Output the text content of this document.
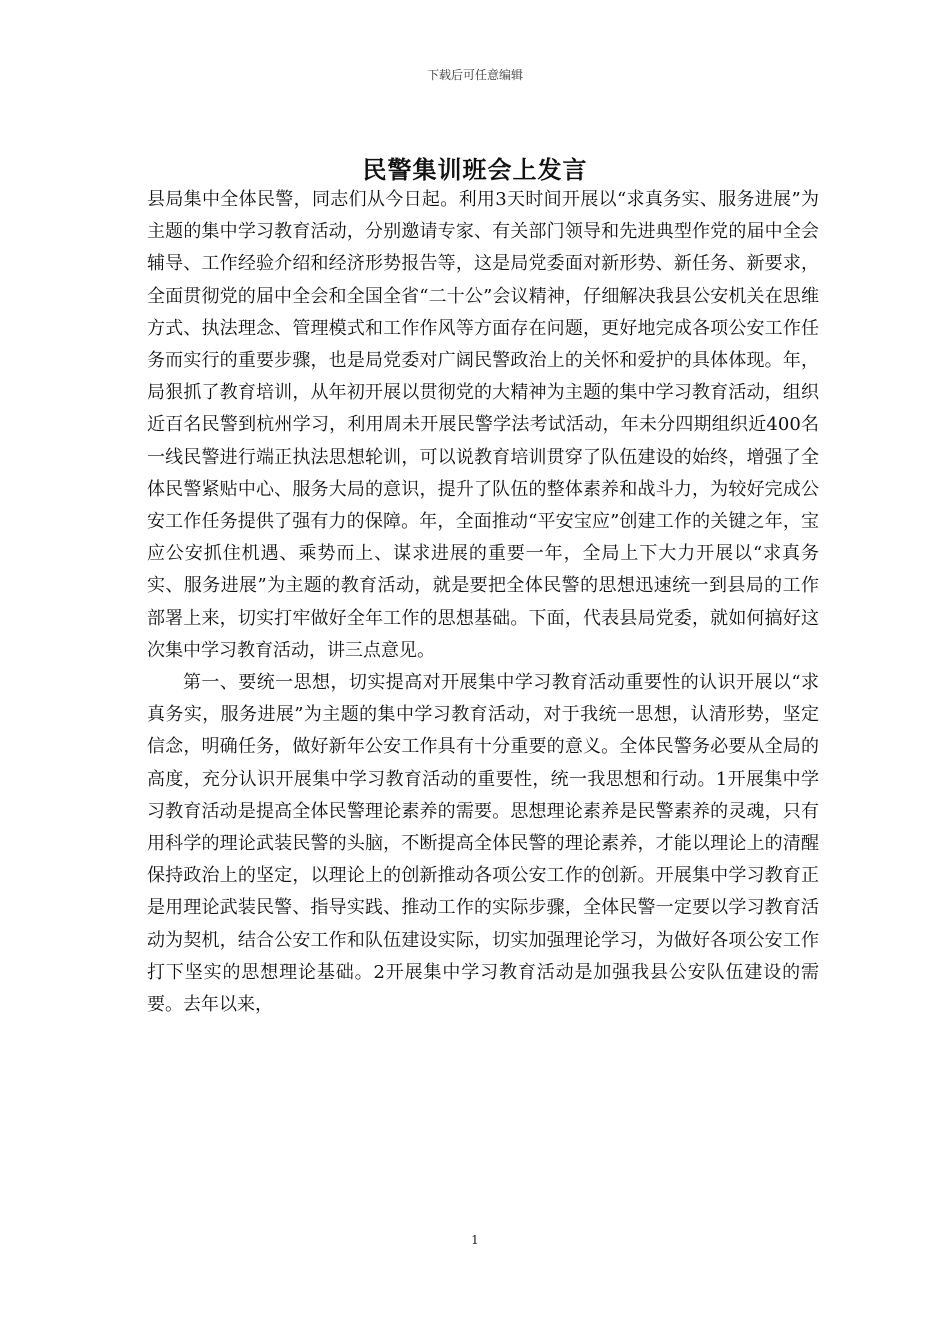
下载后可任意编辑
民警集训班会上发言

县局集中全体民警，同志们从今日起。利用3天时间开展以“求真务实、服务进展”为主题的集中学习教育活动，分别邀请专家、有关部门领导和先进典型作党的届中全会辅导、工作经验介绍和经济形势报告等，这是局党委面对新形势、新任务、新要求，全面贯彻党的届中全会和全国全省“二十公”会议精神，仔细解决我县公安机关在思维方式、执法理念、管理模式和工作作风等方面存在问题，更好地完成各项公安工作任务而实行的重要步骤，也是局党委对广阔民警政治上的关怀和爱护的具体体现。年，局狠抓了教育培训，从年初开展以贯彻党的大精神为主题的集中学习教育活动，组织近百名民警到杭州学习，利用周未开展民警学法考试活动，年未分四期组织近400名一线民警进行端正执法思想轮训，可以说教育培训贯穿了队伍建设的始终，增强了全体民警紧贴中心、服务大局的意识，提升了队伍的整体素养和战斗力，为较好完成公安工作任务提供了强有力的保障。年，全面推动“平安宝应”创建工作的关键之年，宝应公安抓住机遇、乘势而上、谋求进展的重要一年，全局上下大力开展以“求真务实、服务进展”为主题的教育活动，就是要把全体民警的思想迅速统一到县局的工作部署上来，切实打牢做好全年工作的思想基础。下面，代表县局党委，就如何搞好这次集中学习教育活动，讲三点意见。

第一、要统一思想，切实提高对开展集中学习教育活动重要性的认识开展以“求真务实，服务进展”为主题的集中学习教育活动，对于我统一思想，认清形势，坚定信念，明确任务，做好新年公安工作具有十分重要的意义。全体民警务必要从全局的高度，充分认识开展集中学习教育活动的重要性，统一我思想和行动。1开展集中学习教育活动是提高全体民警理论素养的需要。思想理论素养是民警素养的灵魂，只有用科学的理论武装民警的头脑，不断提高全体民警的理论素养，才能以理论上的清醒保持政治上的坚定，以理论上的创新推动各项公安工作的创新。开展集中学习教育正是用理论武装民警、指导实践、推动工作的实际步骤，全体民警一定要以学习教育活动为契机，结合公安工作和队伍建设实际，切实加强理论学习，为做好各项公安工作打下坚实的思想理论基础。2开展集中学习教育活动是加强我县公安队伍建设的需要。去年以来，

1
